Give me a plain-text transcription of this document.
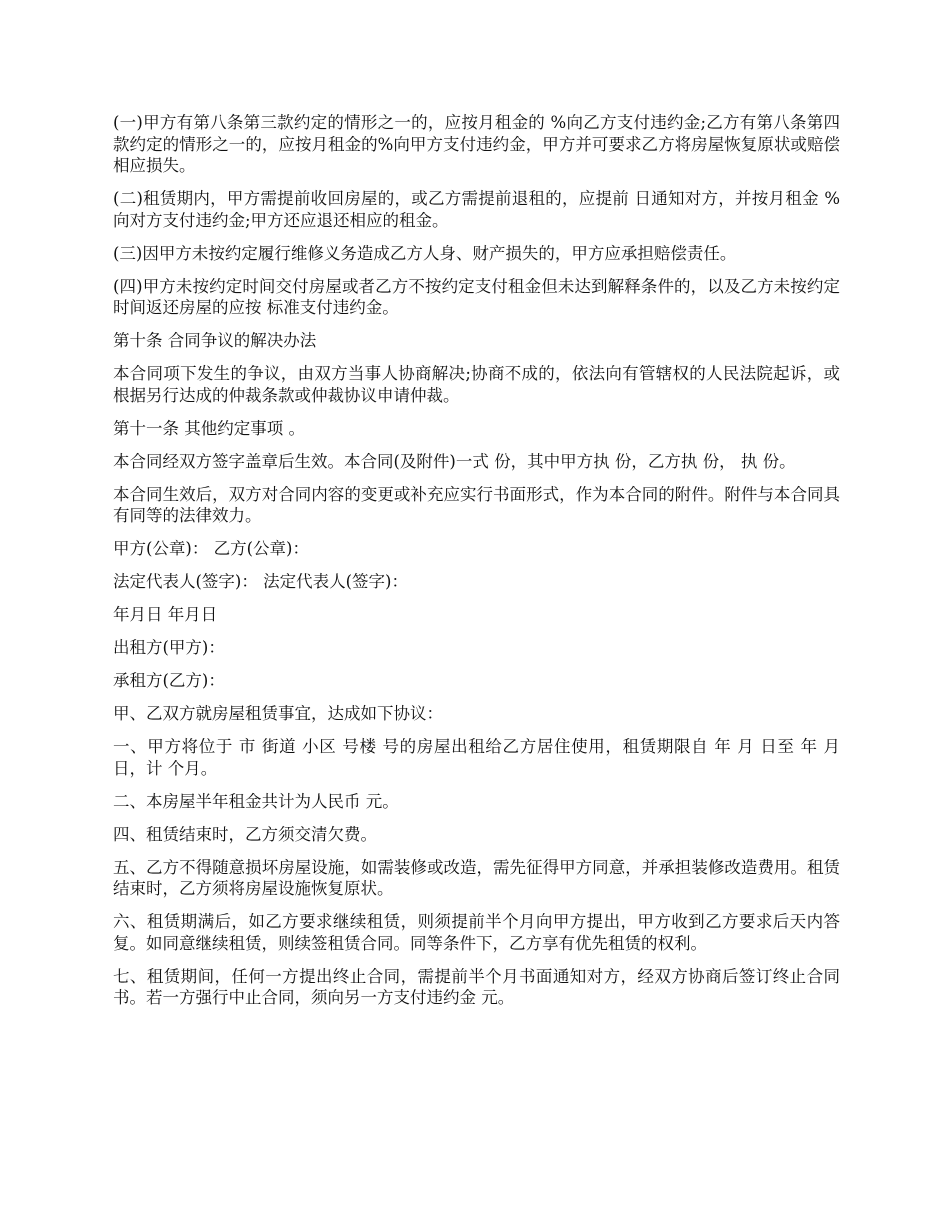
(一)甲方有第八条第三款约定的情形之一的，应按月租金的 %向乙方支付违约金;乙方有第八条第四款约定的情形之一的，应按月租金的%向甲方支付违约金，甲方并可要求乙方将房屋恢复原状或赔偿相应损失。

(二)租赁期内，甲方需提前收回房屋的，或乙方需提前退租的，应提前 日通知对方，并按月租金 %向对方支付违约金;甲方还应退还相应的租金。

(三)因甲方未按约定履行维修义务造成乙方人身、财产损失的，甲方应承担赔偿责任。

(四)甲方未按约定时间交付房屋或者乙方不按约定支付租金但未达到解释条件的，以及乙方未按约定时间返还房屋的应按 标准支付违约金。

第十条 合同争议的解决办法

本合同项下发生的争议，由双方当事人协商解决;协商不成的，依法向有管辖权的人民法院起诉，或根据另行达成的仲裁条款或仲裁协议申请仲裁。

第十一条 其他约定事项 。

本合同经双方签字盖章后生效。本合同(及附件)一式 份，其中甲方执 份，乙方执 份， 执 份。

本合同生效后，双方对合同内容的变更或补充应实行书面形式，作为本合同的附件。附件与本合同具有同等的法律效力。

甲方(公章)： 乙方(公章)：

法定代表人(签字)： 法定代表人(签字)：

年月日 年月日

出租方(甲方)：

承租方(乙方)：

甲、乙双方就房屋租赁事宜，达成如下协议：

一、甲方将位于 市 街道 小区 号楼 号的房屋出租给乙方居住使用，租赁期限自 年 月 日至 年 月 日，计 个月。

二、本房屋半年租金共计为人民币 元。

四、租赁结束时，乙方须交清欠费。

五、乙方不得随意损坏房屋设施，如需装修或改造，需先征得甲方同意，并承担装修改造费用。租赁结束时，乙方须将房屋设施恢复原状。

六、租赁期满后，如乙方要求继续租赁，则须提前半个月向甲方提出，甲方收到乙方要求后天内答复。如同意继续租赁，则续签租赁合同。同等条件下，乙方享有优先租赁的权利。

七、租赁期间，任何一方提出终止合同，需提前半个月书面通知对方，经双方协商后签订终止合同书。若一方强行中止合同，须向另一方支付违约金 元。
